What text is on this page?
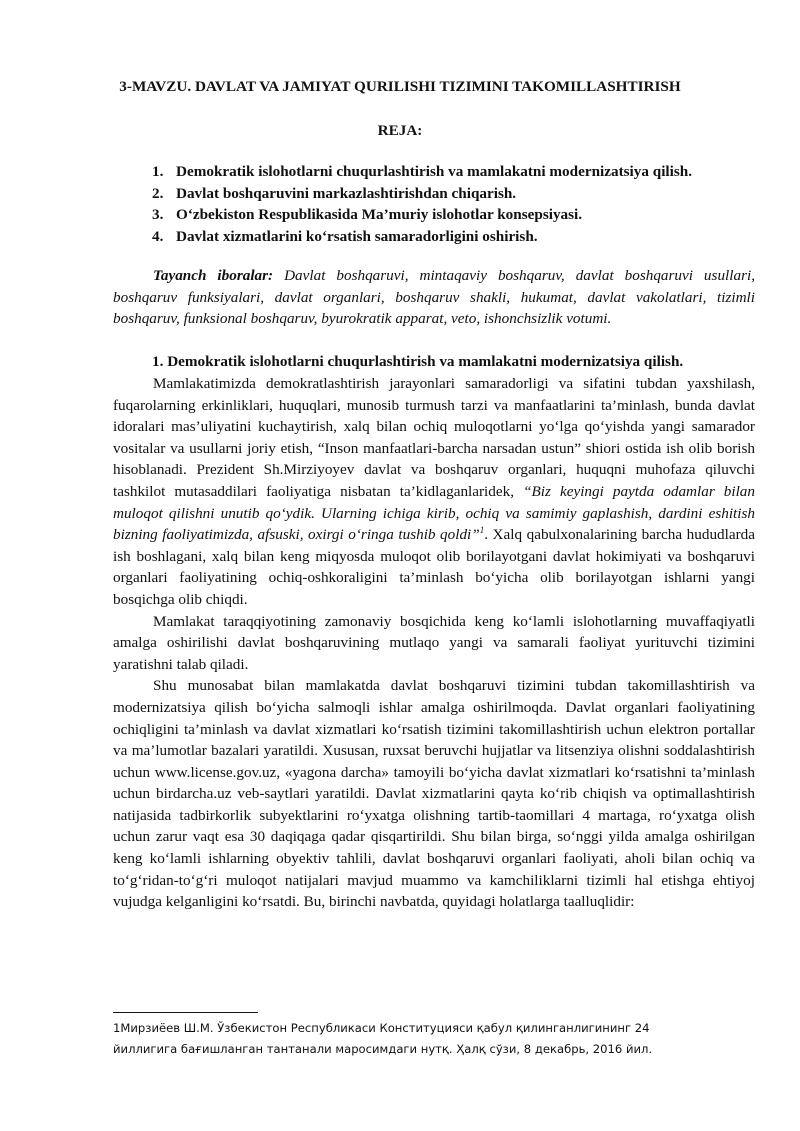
3-MAVZU. DAVLAT VA JAMIYAT QURILISHI TIZIMINI TAKOMILLASHTIRISH
REJA:
1. Demokratik islohotlarni chuqurlashtirish va mamlakatni modernizatsiya qilish.
2. Davlat boshqaruvini markazlashtirishdan chiqarish.
3. O‘zbekiston Respublikasida Ma’muriy islohotlar konsepsiyasi.
4. Davlat xizmatlarini ko‘rsatish samaradorligini oshirish.
Tayanch iboralar: Davlat boshqaruvi, mintaqaviy boshqaruv, davlat boshqaruvi usullari, boshqaruv funksiyalari, davlat organlari, boshqaruv shakli, hukumat, davlat vakolatlari, tizimli boshqaruv, funksional boshqaruv, byurokratik apparat, veto, ishonchsizlik votumi.
1. Demokratik islohotlarni chuqurlashtirish va mamlakatni modernizatsiya qilish.

Mamlakatimizda demokratlashtirish jarayonlari samaradorligi va sifatini tubdan yaxshilash, fuqarolarning erkinliklari, huquqlari, munosib turmush tarzi va manfaatlarini ta’minlash, bunda davlat idoralari mas’uliyatini kuchaytirish, xalq bilan ochiq muloqotlarni yo‘lga qo‘yishda yangi samarador vositalar va usullarni joriy etish, “Inson manfaatlari-barcha narsadan ustun” shiori ostida ish olib borish hisoblanadi. Prezident Sh.Mirziyoyev davlat va boshqaruv organlari, huquqni muhofaza qiluvchi tashkilot mutasaddilari faoliyatiga nisbatan ta’kidlaganlaridek, “Biz keyingi paytda odamlar bilan muloqot qilishni unutib qo‘ydik. Ularning ichiga kirib, ochiq va samimiy gaplashish, dardini eshitish bizning faoliyatimizda, afsuski, oxirgi o‘ringa tushib qoldi”$^1$. Xalq qabulxonalarining barcha hududlarda ish boshlagani, xalq bilan keng miqyosda muloqot olib borilayotgani davlat hokimiyati va boshqaruvi organlari faoliyatining ochiq-oshkoraligini ta’minlash bo‘yicha olib borilayotgan ishlarni yangi bosqichga olib chiqdi.

Mamlakat taraqqiyotining zamonaviy bosqichida keng ko‘lamli islohotlarning muvaffaqiyatli amalga oshirilishi davlat boshqaruvining mutlaqo yangi va samarali faoliyat yurituvchi tizimini yaratishni talab qiladi.

Shu munosabat bilan mamlakatda davlat boshqaruvi tizimini tubdan takomillashtirish va modernizatsiya qilish bo‘yicha salmoqli ishlar amalga oshirilmoqda. Davlat organlari faoliyatining ochiqligini ta’minlash va davlat xizmatlari ko‘rsatish tizimini takomillashtirish uchun elektron portallar va ma’lumotlar bazalari yaratildi. Xususan, ruxsat beruvchi hujjatlar va litsenziya olishni soddalashtirish uchun www.license.gov.uz, «yagona darcha» tamoyili bo‘yicha davlat xizmatlari ko‘rsatishni ta’minlash uchun birdarcha.uz veb-saytlari yaratildi. Davlat xizmatlarini qayta ko‘rib chiqish va optimallashtirish natijasida tadbirkorlik subyektlarini ro‘yxatga olishning tartib-taomillari 4 martaga, ro‘yxatga olish uchun zarur vaqt esa 30 daqiqaga qadar qisqartirildi. Shu bilan birga, so‘nggi yilda amalga oshirilgan keng ko‘lamli ishlarning obyektiv tahlili, davlat boshqaruvi organlari faoliyati, aholi bilan ochiq va to‘g‘ridan-to‘g‘ri muloqot natijalari mavjud muammo va kamchiliklarni tizimli hal etishga ehtiyoj vujudga kelganligini ko‘rsatdi. Bu, birinchi navbatda, quyidagi holatlarga taalluqlidir:

1Мирзиёев Ш.М. Ўзбекистон Республикаси Конституцияси қабул қилинганлигининг 24 йиллигига бағишланган тантанали маросимдаги нутқ. Ҳалқ сўзи, 8 декабрь, 2016 йил.
